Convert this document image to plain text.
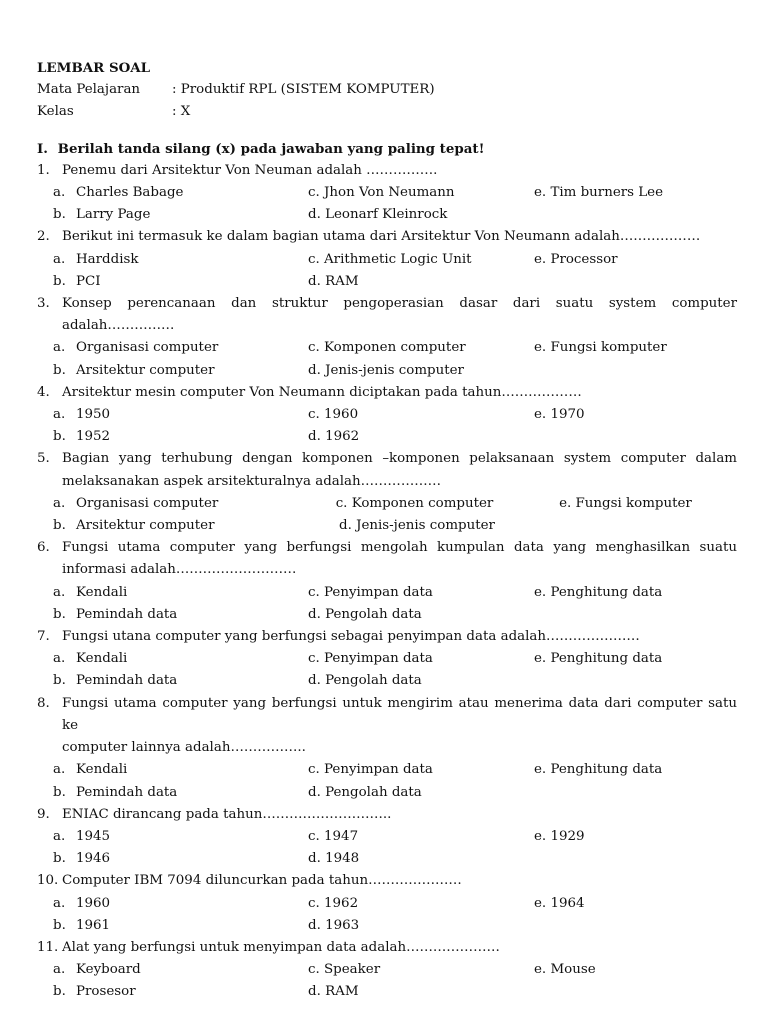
LEMBAR SOAL

Mata Pelajaran	: Produktif RPL (SISTEM KOMPUTER)
Kelas	: X
I. Berilah tanda silang (x) pada jawaban yang paling tepat!
1. Penemu dari Arsitektur Von Neuman adalah …………….
a. Charles Babage	c. Jhon Von Neumann	e. Tim burners Lee
b. Larry Page	d. Leonarf Kleinrock
2. Berikut ini termasuk ke dalam bagian utama dari Arsitektur Von Neumann adalah………………
a. Harddisk	c. Arithmetic Logic Unit	e. Processor
b. PCI	d. RAM
3. Konsep perencanaan dan struktur pengoperasian dasar dari suatu system computer
adalah……………
a. Organisasi computer	c. Komponen computer	e. Fungsi komputer
b. Arsitektur computer	d. Jenis-jenis computer
4. Arsitektur mesin computer Von Neumann diciptakan pada tahun………………
a. 1950	c. 1960	e. 1970
b. 1952	d. 1962
5. Bagian yang terhubung dengan komponen –komponen pelaksanaan system computer dalam
melaksanakan aspek arsitekturalnya adalah………………
a. Organisasi computer	c. Komponen computer	e. Fungsi komputer
b. Arsitektur computer	d. Jenis-jenis computer
6. Fungsi utama computer yang berfungsi mengolah kumpulan data yang menghasilkan suatu
informasi adalah………………………
a. Kendali	c. Penyimpan data	e. Penghitung data
b. Pemindah data	d. Pengolah data
7. Fungsi utana computer yang berfungsi sebagai penyimpan data adalah…………………
a. Kendali	c. Penyimpan data	e. Penghitung data
b. Pemindah data	d. Pengolah data
8. Fungsi utama computer yang berfungsi untuk mengirim atau menerima data dari computer satu ke
computer lainnya adalah……………..
a. Kendali	c. Penyimpan data	e. Penghitung data
b. Pemindah data	d. Pengolah data
9. ENIAC dirancang pada tahun………………………..
a. 1945	c. 1947	e. 1929
b. 1946	d. 1948
10. Computer IBM 7094 diluncurkan pada tahun…………………
a. 1960	c. 1962	e. 1964
b. 1961	d. 1963
11. Alat yang berfungsi untuk menyimpan data adalah…………………
a. Keyboard	c. Speaker	e. Mouse
b. Prosesor	d. RAM
